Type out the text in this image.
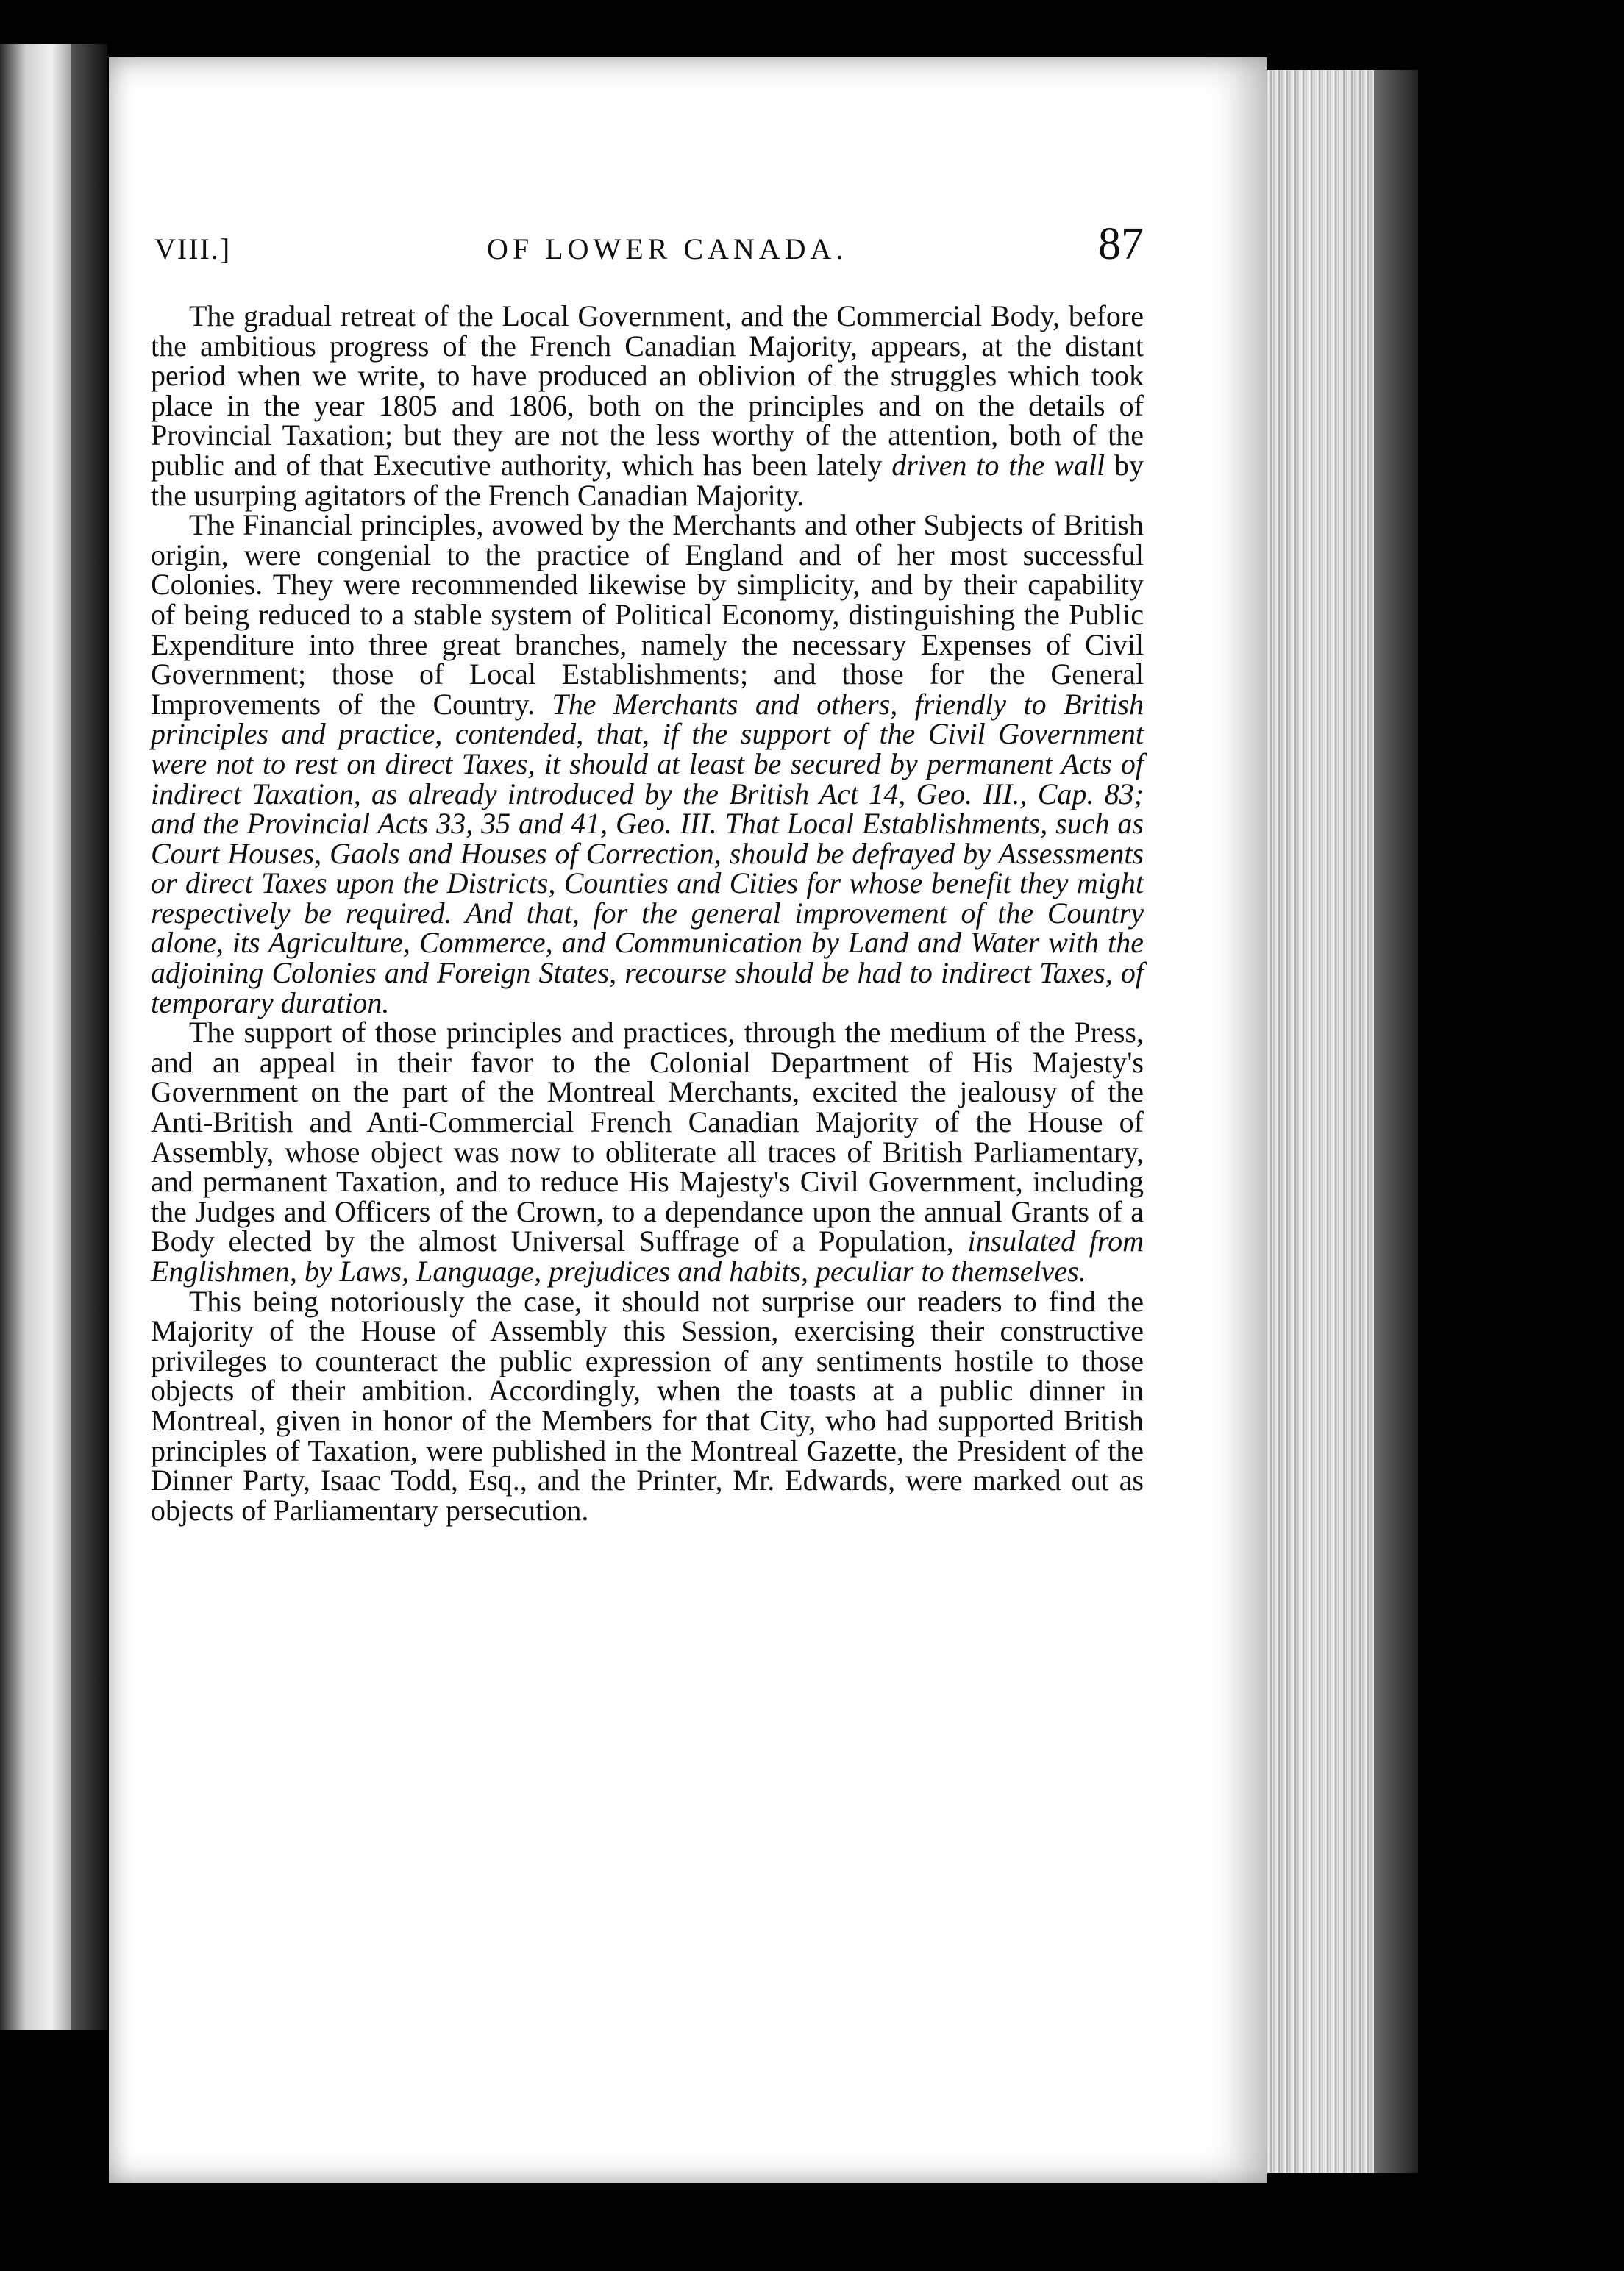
VIII.]	OF LOWER CANADA.	87

The gradual retreat of the Local Government, and the Commercial Body, before the ambitious progress of the French Canadian Majority, appears, at the distant period when we write, to have produced an oblivion of the struggles which took place in the year 1805 and 1806, both on the principles and on the details of Provincial Taxation; but they are not the less worthy of the attention, both of the public and of that Executive authority, which has been lately driven to the wall by the usurping agitators of the French Canadian Majority.

The Financial principles, avowed by the Merchants and other Subjects of British origin, were congenial to the practice of England and of her most successful Colonies. They were recommended likewise by simplicity, and by their capability of being reduced to a stable system of Political Economy, distinguishing the Public Expenditure into three great branches, namely the necessary Expenses of Civil Government; those of Local Establishments; and those for the General Improvements of the Country. The Merchants and others, friendly to British principles and practice, contended, that, if the support of the Civil Government were not to rest on direct Taxes, it should at least be secured by permanent Acts of indirect Taxation, as already introduced by the British Act 14, Geo. III., Cap. 83; and the Provincial Acts 33, 35 and 41, Geo. III. That Local Establishments, such as Court Houses, Gaols and Houses of Correction, should be defrayed by Assessments or direct Taxes upon the Districts, Counties and Cities for whose benefit they might respectively be required. And that, for the general improvement of the Country alone, its Agriculture, Commerce, and Communication by Land and Water with the adjoining Colonies and Foreign States, recourse should be had to indirect Taxes, of temporary duration.

The support of those principles and practices, through the medium of the Press, and an appeal in their favor to the Colonial Department of His Majesty's Government on the part of the Montreal Merchants, excited the jealousy of the Anti-British and Anti-Commercial French Canadian Majority of the House of Assembly, whose object was now to obliterate all traces of British Parliamentary, and permanent Taxation, and to reduce His Majesty's Civil Government, including the Judges and Officers of the Crown, to a dependance upon the annual Grants of a Body elected by the almost Universal Suffrage of a Population, insulated from Englishmen, by Laws, Language, prejudices and habits, peculiar to themselves.

This being notoriously the case, it should not surprise our readers to find the Majority of the House of Assembly this Session, exercising their constructive privileges to counteract the public expression of any sentiments hostile to those objects of their ambition. Accordingly, when the toasts at a public dinner in Montreal, given in honor of the Members for that City, who had supported British principles of Taxation, were published in the Montreal Gazette, the President of the Dinner Party, Isaac Todd, Esq., and the Printer, Mr. Edwards, were marked out as objects of Parliamentary persecution.
